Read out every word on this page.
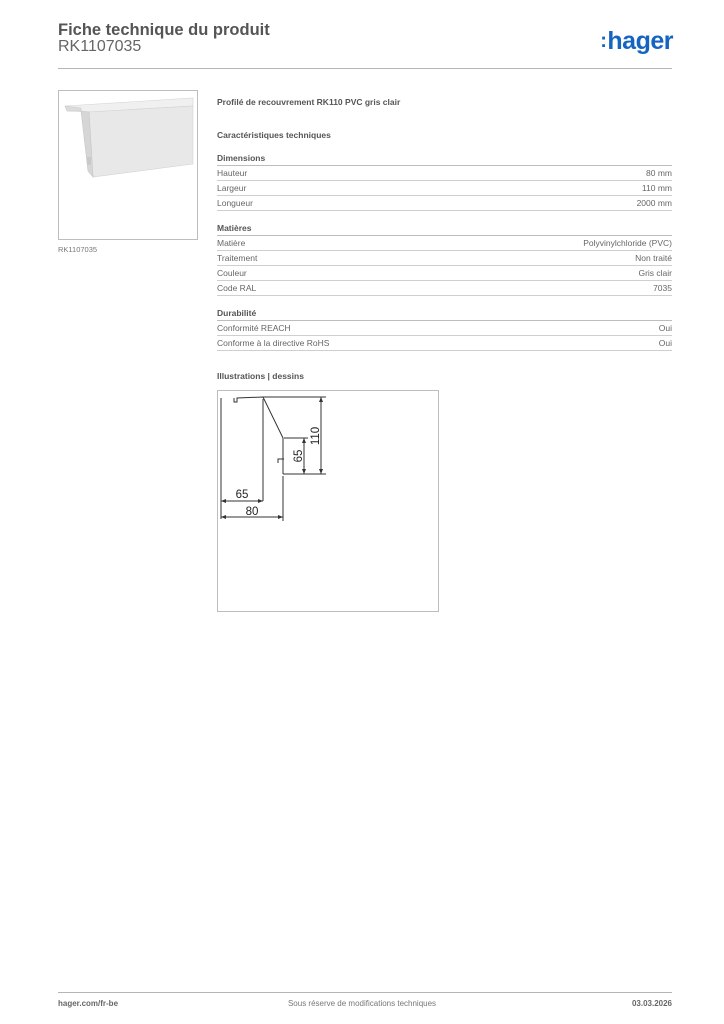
Fiche technique du produit
RK1107035	:hager
RK1107035
Profilé de recouvrement RK110 PVC gris clair
Caractéristiques techniques
Dimensions
Hauteur	80 mm
Largeur	110 mm
Longueur	2000 mm
Matières
Matière	Polyvinylchloride (PVC)
Traitement	Non traité
Couleur	Gris clair
Code RAL	7035
Durabilité
Conformité REACH	Oui
Conforme à la directive RoHS	Oui
Illustrations | dessins
110
65
65
80
hager.com/fr-be	Sous réserve de modifications techniques	03.03.2026
